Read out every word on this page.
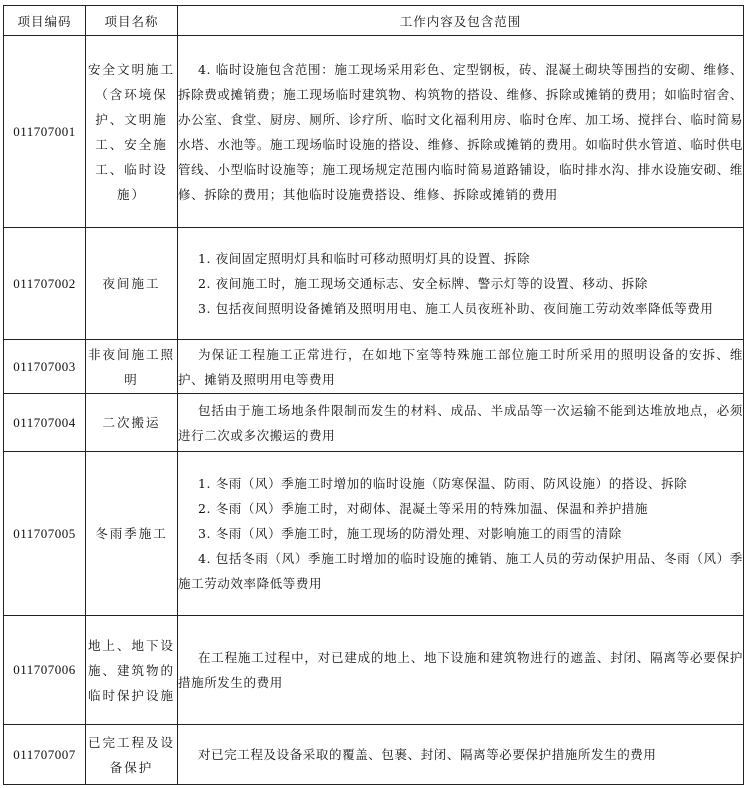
项目编码	项目名称	工作内容及包含范围
011707001	安全文明施工（含环境保护、文明施工、安全施工、临时设施）	4. 临时设施包含范围：施工现场采用彩色、定型钢板，砖、混凝土砌块等围挡的安砌、维修、拆除费或摊销费；施工现场临时建筑物、构筑物的搭设、维修、拆除或摊销的费用；如临时宿舍、办公室、食堂、厨房、厕所、诊疗所、临时文化福利用房、临时仓库、加工场、搅拌台、临时简易水塔、水池等。施工现场临时设施的搭设、维修、拆除或摊销的费用。如临时供水管道、临时供电管线、小型临时设施等；施工现场规定范围内临时简易道路铺设，临时排水沟、排水设施安砌、维修、拆除的费用；其他临时设施费搭设、维修、拆除或摊销的费用

011707002	夜间施工	1. 夜间固定照明灯具和临时可移动照明灯具的设置、拆除
2. 夜间施工时，施工现场交通标志、安全标牌、警示灯等的设置、移动、拆除
3. 包括夜间照明设备摊销及照明用电、施工人员夜班补助、夜间施工劳动效率降低等费用

011707003	非夜间施工照明	为保证工程施工正常进行，在如地下室等特殊施工部位施工时所采用的照明设备的安拆、维护、摊销及照明用电等费用

011707004	二次搬运	包括由于施工场地条件限制而发生的材料、成品、半成品等一次运输不能到达堆放地点，必须进行二次或多次搬运的费用

011707005	冬雨季施工	1. 冬雨（风）季施工时增加的临时设施（防寒保温、防雨、防风设施）的搭设、拆除
2. 冬雨（风）季施工时，对砌体、混凝土等采用的特殊加温、保温和养护措施
3. 冬雨（风）季施工时，施工现场的防滑处理、对影响施工的雨雪的清除
4. 包括冬雨（风）季施工时增加的临时设施的摊销、施工人员的劳动保护用品、冬雨（风）季施工劳动效率降低等费用

011707006	地上、地下设施、建筑物的临时保护设施	在工程施工过程中，对已建成的地上、地下设施和建筑物进行的遮盖、封闭、隔离等必要保护措施所发生的费用

011707007	已完工程及设备保护	对已完工程及设备采取的覆盖、包裹、封闭、隔离等必要保护措施所发生的费用
